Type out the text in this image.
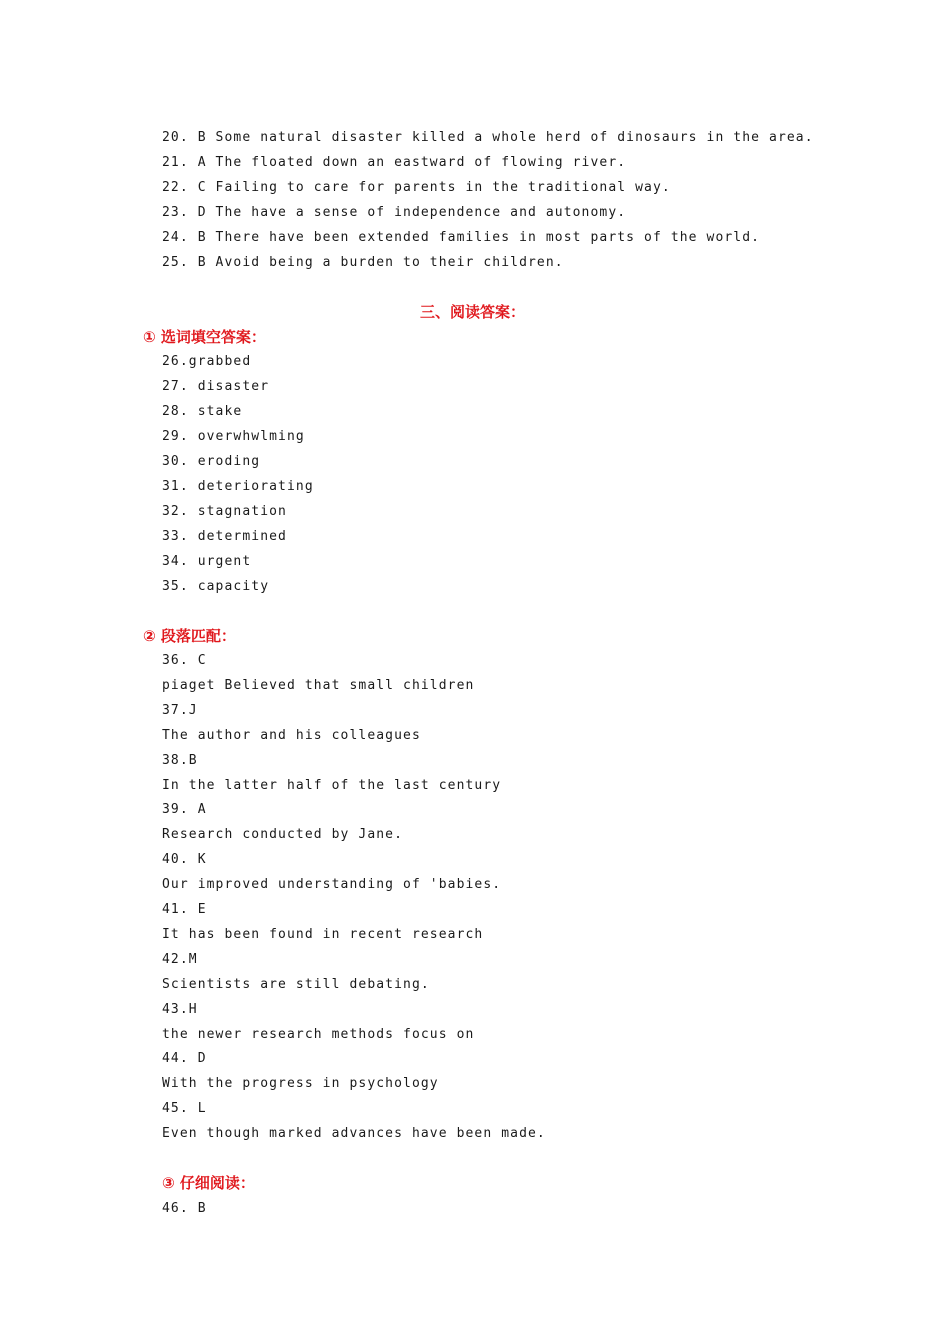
20. B Some natural disaster killed a whole herd of dinosaurs in the area.
21. A The floated down an eastward of flowing river.
22. C Failing to care for parents in the traditional way.
23. D The have a sense of independence and autonomy.
24. B There have been extended families in most parts of the world.
25. B Avoid being a burden to their children.
三、阅读答案：
① 选词填空答案：
26.grabbed
27. disaster
28. stake
29. overwhwlming
30. eroding
31. deteriorating
32. stagnation
33. determined
34. urgent
35. capacity
② 段落匹配：
36. C
piaget Believed that small children
37.J
The author and his colleagues
38.B
In the latter half of the last century
39. A
Research conducted by Jane.
40. K
Our improved understanding of 'babies.
41. E
It has been found in recent research
42.M
Scientists are still debating.
43.H
the newer research methods focus on
44. D
With the progress in psychology
45. L
Even though marked advances have been made.
③ 仔细阅读：
46. B
